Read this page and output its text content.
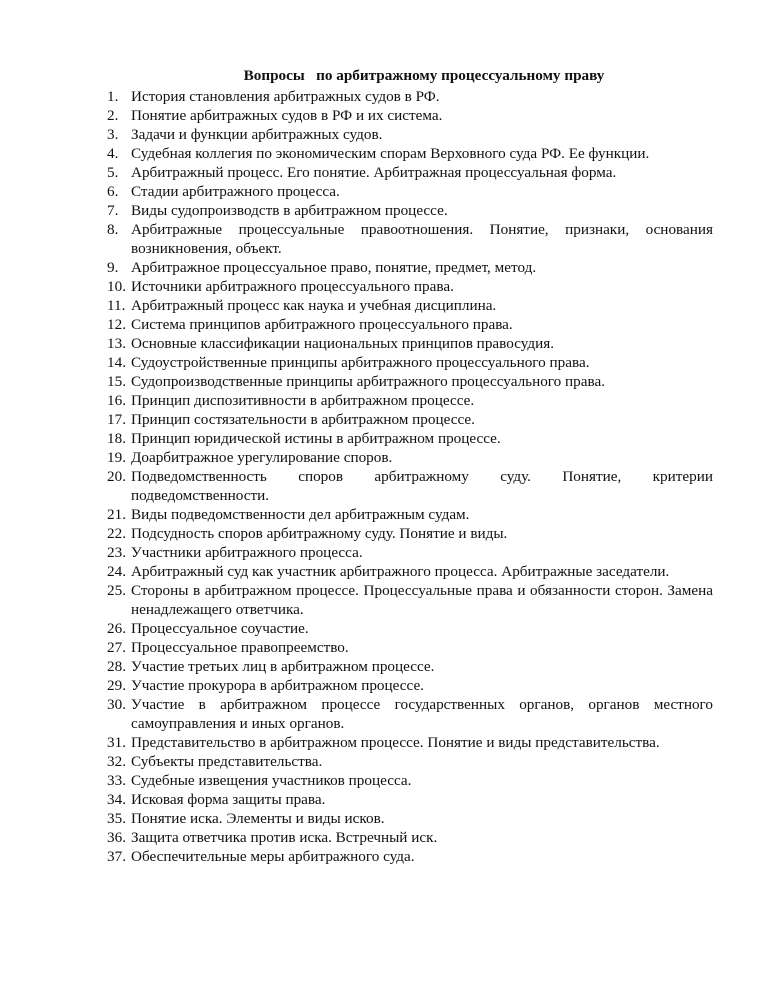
Вопросы   по арбитражному процессуальному праву
1. История становления арбитражных судов в РФ.
2. Понятие арбитражных судов в РФ и их система.
3. Задачи и функции арбитражных судов.
4. Судебная коллегия по экономическим спорам Верховного суда РФ. Ее функции.
5. Арбитражный процесс. Его понятие. Арбитражная процессуальная форма.
6. Стадии арбитражного процесса.
7. Виды судопроизводств в арбитражном процессе.
8. Арбитражные процессуальные правоотношения. Понятие, признаки, основания возникновения, объект.
9. Арбитражное процессуальное право, понятие, предмет, метод.
10. Источники арбитражного процессуального права.
11. Арбитражный процесс как наука и учебная дисциплина.
12. Система принципов арбитражного процессуального права.
13. Основные классификации национальных принципов правосудия.
14. Судоустройственные принципы арбитражного процессуального права.
15. Судопроизводственные принципы арбитражного процессуального права.
16. Принцип диспозитивности в арбитражном процессе.
17. Принцип состязательности в арбитражном процессе.
18. Принцип юридической истины в арбитражном процессе.
19. Доарбитражное урегулирование споров.
20. Подведомственность споров арбитражному суду. Понятие, критерии подведомственности.
21. Виды подведомственности дел арбитражным судам.
22. Подсудность споров арбитражному суду. Понятие и виды.
23. Участники арбитражного процесса.
24. Арбитражный суд как участник арбитражного процесса. Арбитражные заседатели.
25. Стороны в арбитражном процессе. Процессуальные права и обязанности сторон. Замена ненадлежащего ответчика.
26. Процессуальное соучастие.
27. Процессуальное правопреемство.
28. Участие третьих лиц в арбитражном процессе.
29. Участие прокурора в арбитражном процессе.
30. Участие в арбитражном процессе государственных органов, органов местного самоуправления и иных органов.
31. Представительство в арбитражном процессе. Понятие и виды представительства.
32. Субъекты представительства.
33. Судебные извещения участников процесса.
34. Исковая форма защиты права.
35. Понятие иска. Элементы и виды исков.
36. Защита ответчика против иска. Встречный иск.
37. Обеспечительные меры арбитражного суда.
